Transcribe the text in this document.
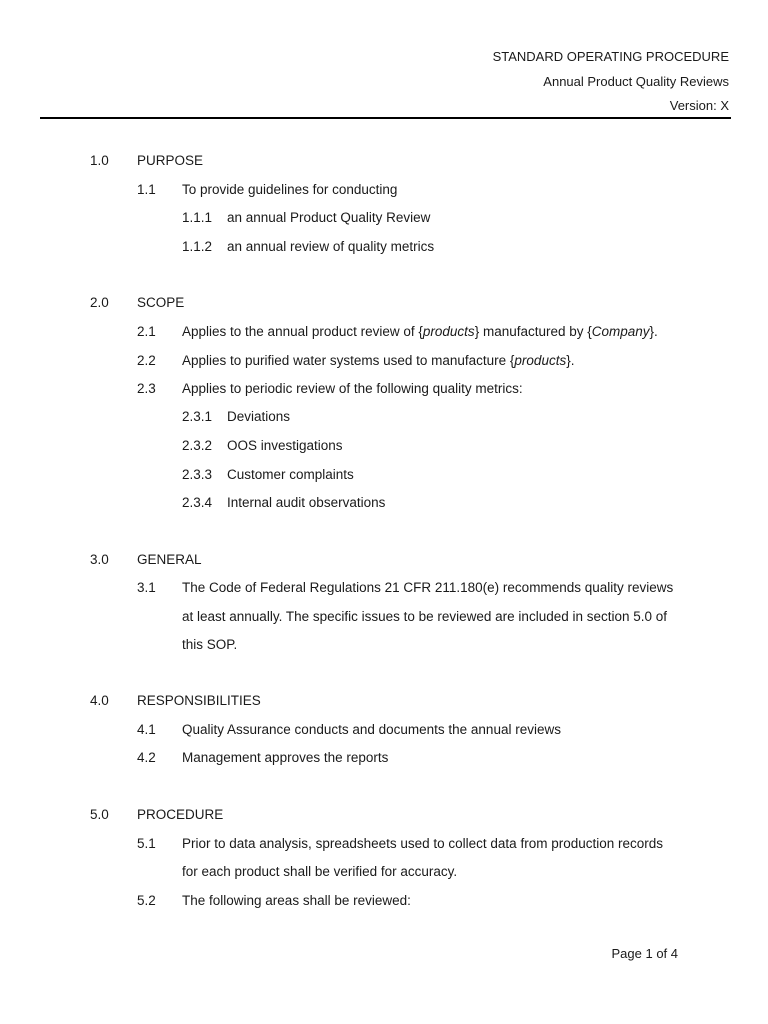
STANDARD OPERATING PROCEDURE
Annual Product Quality Reviews
Version: X
1.0 PURPOSE
1.1 To provide guidelines for conducting
1.1.1 an annual Product Quality Review
1.1.2 an annual review of quality metrics
2.0 SCOPE
2.1 Applies to the annual product review of {products} manufactured by {Company}.
2.2 Applies to purified water systems used to manufacture {products}.
2.3 Applies to periodic review of the following quality metrics:
2.3.1 Deviations
2.3.2 OOS investigations
2.3.3 Customer complaints
2.3.4 Internal audit observations
3.0 GENERAL
3.1 The Code of Federal Regulations 21 CFR 211.180(e) recommends quality reviews
at least annually. The specific issues to be reviewed are included in section 5.0 of
this SOP.
4.0 RESPONSIBILITIES
4.1 Quality Assurance conducts and documents the annual reviews
4.2 Management approves the reports
5.0 PROCEDURE
5.1 Prior to data analysis, spreadsheets used to collect data from production records
for each product shall be verified for accuracy.
5.2 The following areas shall be reviewed:
Page 1 of 4
